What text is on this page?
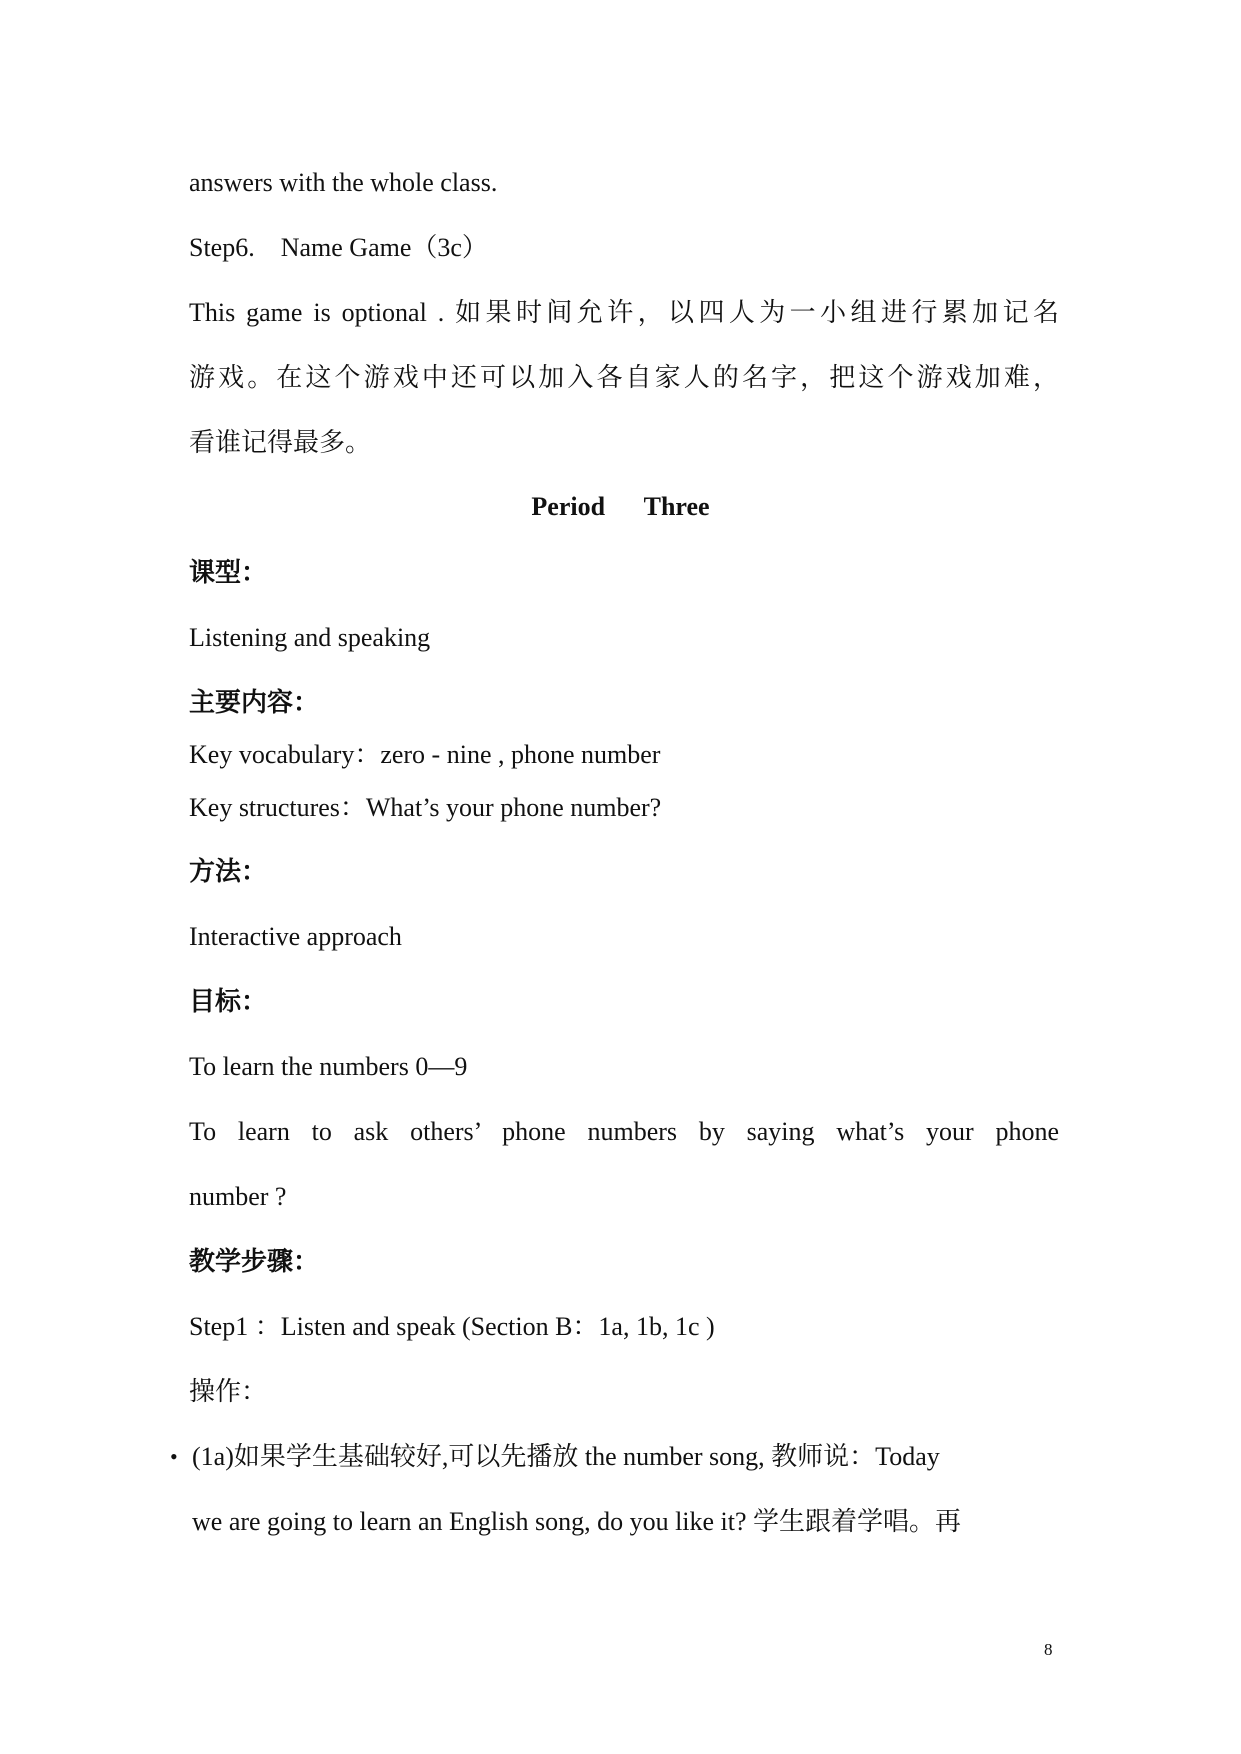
answers with the whole class.
Step6.　Name Game（3c）
This game is optional . 如果时间允许，以四人为一小组进行累加记名
游戏。在这个游戏中还可以加入各自家人的名字，把这个游戏加难，
看谁记得最多。
Period      Three
课型：
Listening and speaking
主要内容：
Key vocabulary：zero - nine , phone number
Key structures：What’s your phone number?
方法：
Interactive approach
目标：
To learn the numbers 0—9
To learn to ask others’ phone numbers by saying what’s your phone
number ?
教学步骤：
Step1 ：Listen and speak (Section B：1a, 1b, 1c )
操作：
• (1a)如果学生基础较好,可以先播放 the number song, 教师说：Today
we are going to learn an English song, do you like it? 学生跟着学唱。再
8
